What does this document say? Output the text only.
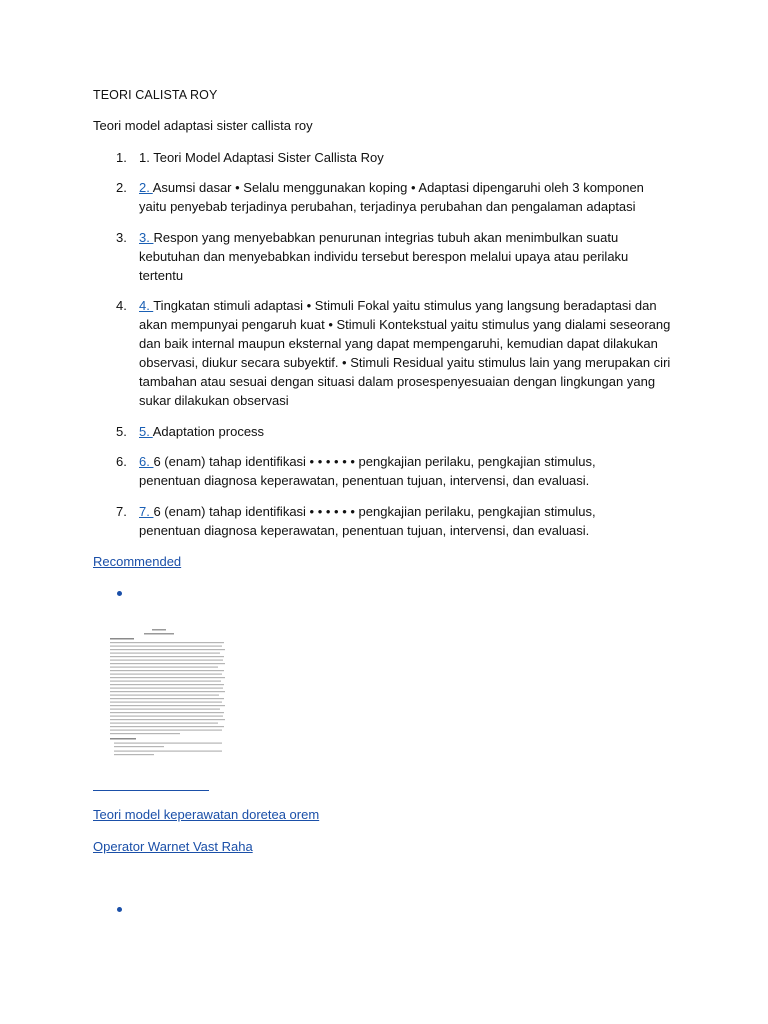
TEORI CALISTA ROY
Teori model adaptasi sister callista roy
1. 1. Teori Model Adaptasi Sister Callista Roy
2. 2. Asumsi dasar • Selalu menggunakan koping • Adaptasi dipengaruhi oleh 3 komponen
yaitu penyebab terjadinya perubahan, terjadinya perubahan dan pengalaman adaptasi
3. 3. Respon yang menyebabkan penurunan integrias tubuh akan menimbulkan suatu
kebutuhan dan menyebabkan individu tersebut berespon melalui upaya atau perilaku
tertentu
4. 4. Tingkatan stimuli adaptasi • Stimuli Fokal yaitu stimulus yang langsung beradaptasi dan
akan mempunyai pengaruh kuat • Stimuli Kontekstual yaitu stimulus yang dialami seseorang
dan baik internal maupun eksternal yang dapat mempengaruhi, kemudian dapat dilakukan
observasi, diukur secara subyektif. • Stimuli Residual yaitu stimulus lain yang merupakan ciri
tambahan atau sesuai dengan situasi dalam prosespenyesuaian dengan lingkungan yang
sukar dilakukan observasi
5. 5. Adaptation process
6. 6. 6 (enam) tahap identifikasi • • • • • • pengkajian perilaku, pengkajian stimulus,
penentuan diagnosa keperawatan, penentuan tujuan, intervensi, dan evaluasi.
7. 7. 6 (enam) tahap identifikasi • • • • • • pengkajian perilaku, pengkajian stimulus,
penentuan diagnosa keperawatan, penentuan tujuan, intervensi, dan evaluasi.
Recommended
Teori model keperawatan doretea orem
Operator Warnet Vast Raha
